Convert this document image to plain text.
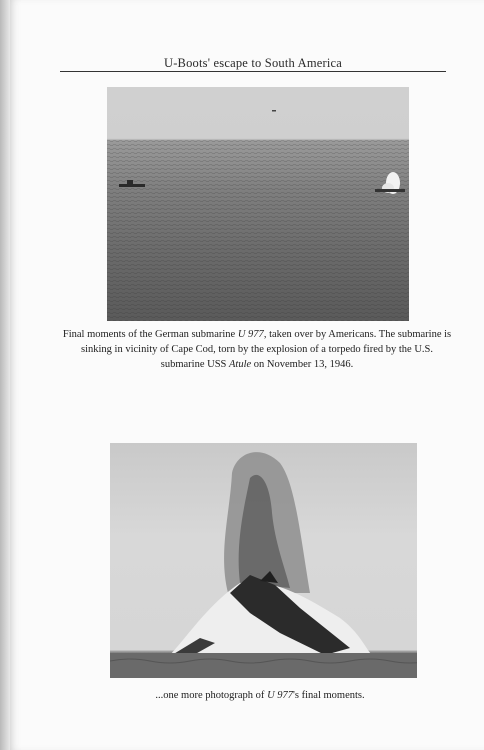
U-Boots' escape to South America
Final moments of the German submarine U 977, taken over by Americans. The submarine is sinking in vicinity of Cape Cod, torn by the explosion of a torpedo fired by the U.S. submarine USS Atule on November 13, 1946.
...one more photograph of U 977's final moments.
